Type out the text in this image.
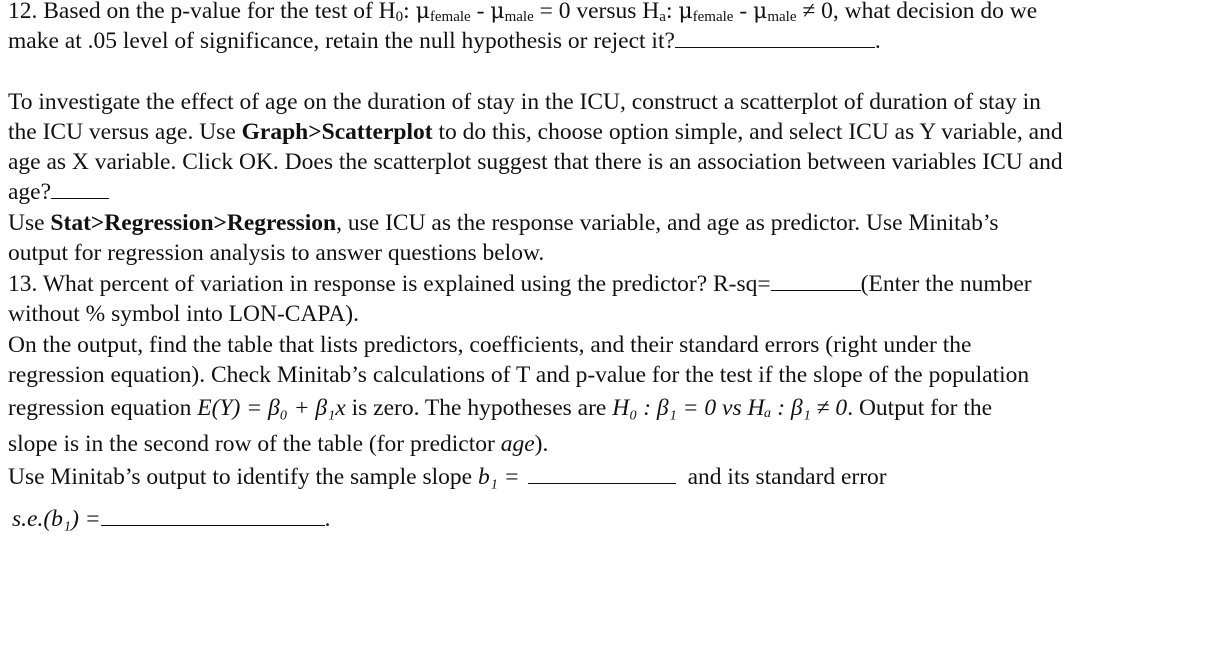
12. Based on the p-value for the test of H0: μfemale - μmale = 0 versus Ha: μfemale - μmale ≠ 0, what decision do we

make at .05 level of significance, retain the null hypothesis or reject it?	.

To investigate the effect of age on the duration of stay in the ICU, construct a scatterplot of duration of stay in

the ICU versus age. Use Graph>Scatterplot to do this, choose option simple, and select ICU as Y variable, and

age as X variable. Click OK. Does the scatterplot suggest that there is an association between variables ICU and

age?

Use Stat>Regression>Regression, use ICU as the response variable, and age as predictor. Use Minitab’s

output for regression analysis to answer questions below.

13. What percent of variation in response is explained using the predictor? R-sq=	(Enter the number

without % symbol into LON-CAPA).

On the output, find the table that lists predictors, coefficients, and their standard errors (right under the

regression equation). Check Minitab’s calculations of T and p-value for the test if the slope of the population

regression equation E(Y) = β₀ + β₁x is zero. The hypotheses are H₀ : β₁ = 0 vs Hₐ : β₁ ≠ 0. Output for the

slope is in the second row of the table (for predictor age).

Use Minitab’s output to identify the sample slope b₁ =	and its standard error

s.e.(b₁) =	.
